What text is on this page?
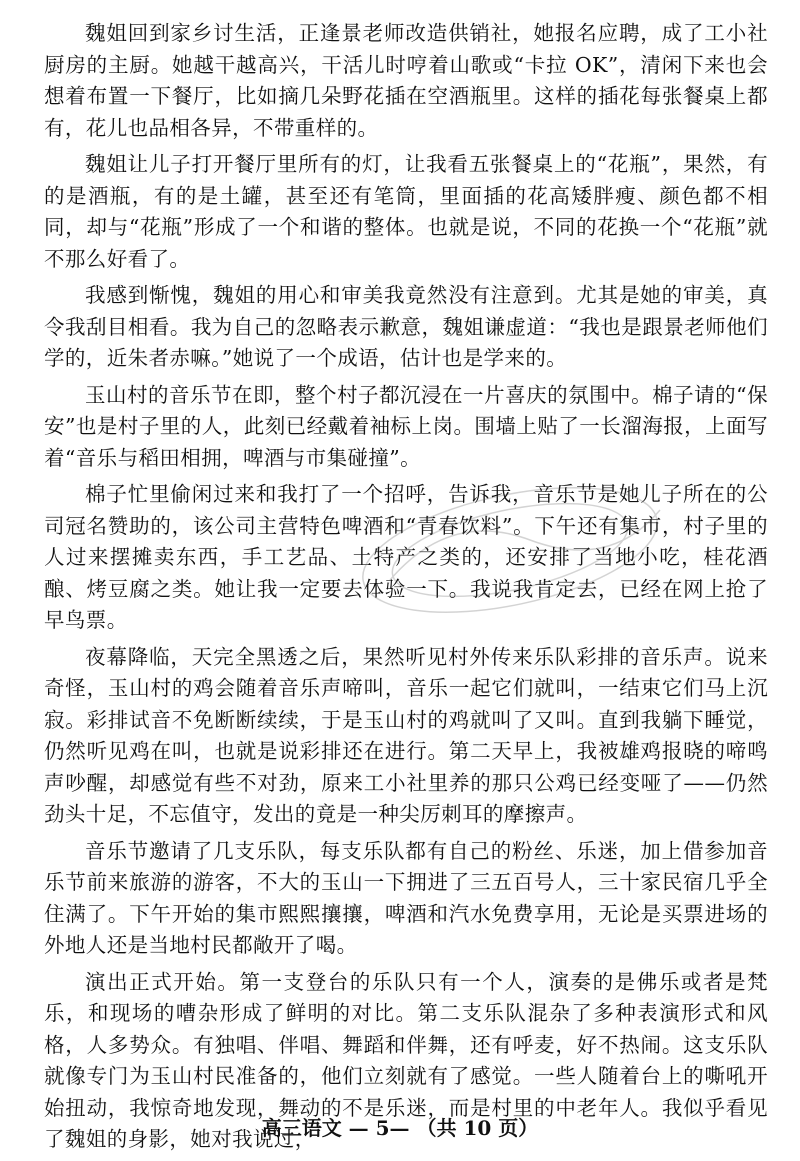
魏姐回到家乡讨生活，正逢景老师改造供销社，她报名应聘，成了工小社厨房的主厨。她越干越高兴，干活儿时哼着山歌或“卡拉 OK”，清闲下来也会想着布置一下餐厅，比如摘几朵野花插在空酒瓶里。这样的插花每张餐桌上都有，花儿也品相各异，不带重样的。

魏姐让儿子打开餐厅里所有的灯，让我看五张餐桌上的“花瓶”，果然，有的是酒瓶，有的是土罐，甚至还有笔筒，里面插的花高矮胖瘦、颜色都不相同，却与“花瓶”形成了一个和谐的整体。也就是说，不同的花换一个“花瓶”就不那么好看了。

我感到惭愧，魏姐的用心和审美我竟然没有注意到。尤其是她的审美，真令我刮目相看。我为自己的忽略表示歉意，魏姐谦虚道：“我也是跟景老师他们学的，近朱者赤嘛。”她说了一个成语，估计也是学来的。

玉山村的音乐节在即，整个村子都沉浸在一片喜庆的氛围中。棉子请的“保安”也是村子里的人，此刻已经戴着袖标上岗。围墙上贴了一长溜海报，上面写着“音乐与稻田相拥，啤酒与市集碰撞”。

棉子忙里偷闲过来和我打了一个招呼，告诉我，音乐节是她儿子所在的公司冠名赞助的，该公司主营特色啤酒和“青春饮料”。下午还有集市，村子里的人过来摆摊卖东西，手工艺品、土特产之类的，还安排了当地小吃，桂花酒酿、烤豆腐之类。她让我一定要去体验一下。我说我肯定去，已经在网上抢了早鸟票。

夜幕降临，天完全黑透之后，果然听见村外传来乐队彩排的音乐声。说来奇怪，玉山村的鸡会随着音乐声啼叫，音乐一起它们就叫，一结束它们马上沉寂。彩排试音不免断断续续，于是玉山村的鸡就叫了又叫。直到我躺下睡觉，仍然听见鸡在叫，也就是说彩排还在进行。第二天早上，我被雄鸡报晓的啼鸣声吵醒，却感觉有些不对劲，原来工小社里养的那只公鸡已经变哑了——仍然劲头十足，不忘值守，发出的竟是一种尖厉刺耳的摩擦声。

音乐节邀请了几支乐队，每支乐队都有自己的粉丝、乐迷，加上借参加音乐节前来旅游的游客，不大的玉山一下拥进了三五百号人，三十家民宿几乎全住满了。下午开始的集市熙熙攘攘，啤酒和汽水免费享用，无论是买票进场的外地人还是当地村民都敞开了喝。

演出正式开始。第一支登台的乐队只有一个人，演奏的是佛乐或者是梵乐，和现场的嘈杂形成了鲜明的对比。第二支乐队混杂了多种表演形式和风格，人多势众。有独唱、伴唱、舞蹈和伴舞，还有呼麦，好不热闹。这支乐队就像专门为玉山村民准备的，他们立刻就有了感觉。一些人随着台上的嘶吼开始扭动，我惊奇地发现，舞动的不是乐迷，而是村里的中老年人。我似乎看见了魏姐的身影，她对我说过，

高三语文 — 5— （共 10 页）
